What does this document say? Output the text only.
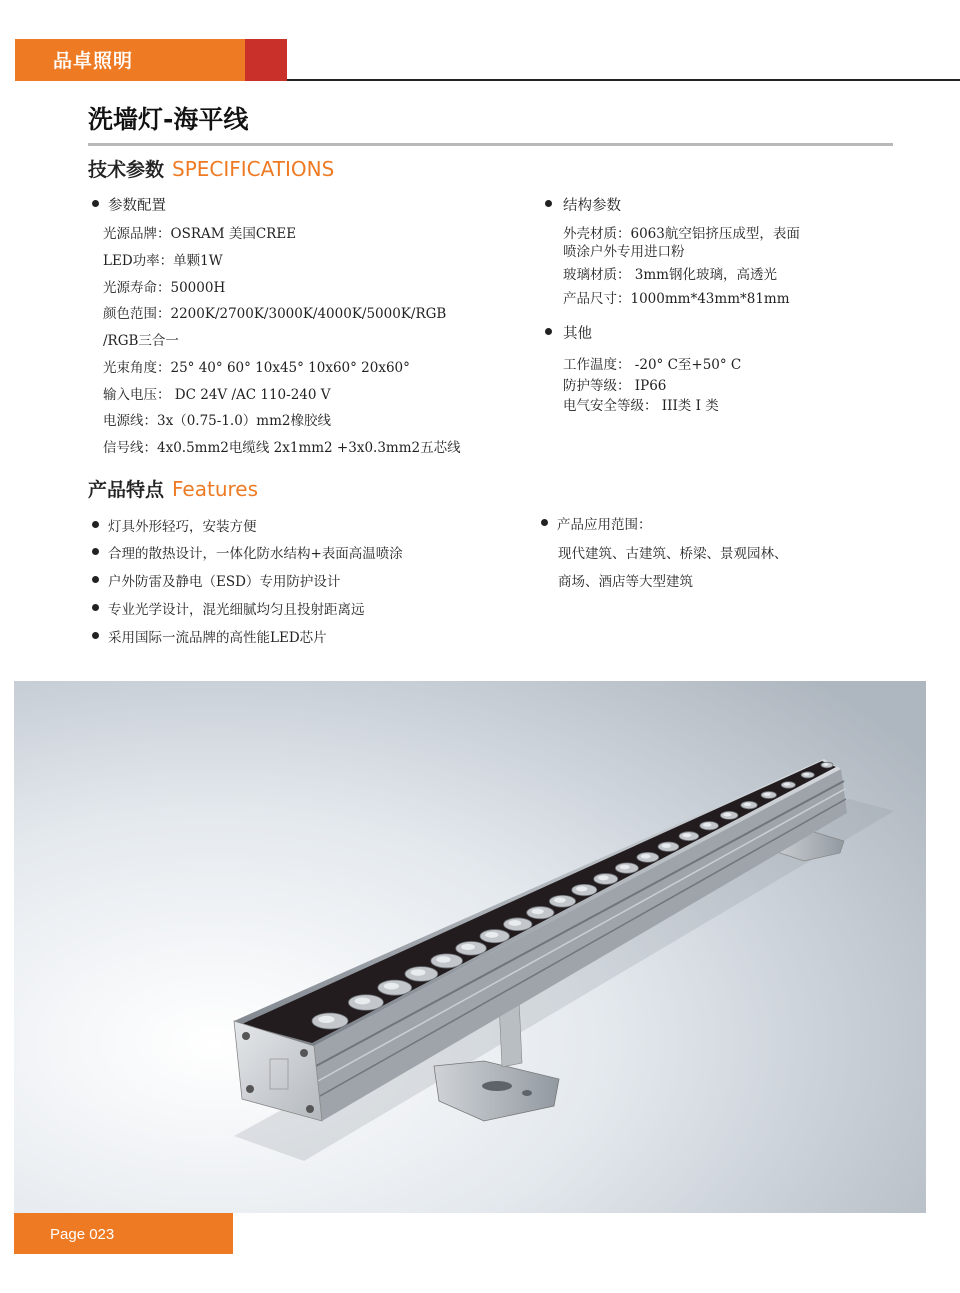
品卓照明
洗墙灯-海平线
技术参数 SPECIFICATIONS
参数配置
光源品牌：OSRAM 美国CREE
LED功率：单颗1W
光源寿命：50000H
颜色范围：2200K/2700K/3000K/4000K/5000K/RGB
/RGB三合一
光束角度：25° 40° 60° 10x45° 10x60° 20x60°
输入电压： DC 24V /AC 110-240 V
电源线：3x（0.75-1.0）mm2橡胶线
信号线：4x0.5mm2电缆线 2x1mm2 +3x0.3mm2五芯线
结构参数
外壳材质：6063航空铝挤压成型，表面
喷涂户外专用进口粉
玻璃材质： 3mm钢化玻璃，高透光
产品尺寸：1000mm*43mm*81mm
其他
工作温度： -20° C至+50° C
防护等级： IP66
电气安全等级： III类 I 类
产品特点 Features
灯具外形轻巧，安装方便
合理的散热设计，一体化防水结构+表面高温喷涂
户外防雷及静电（ESD）专用防护设计
专业光学设计，混光细腻均匀且投射距离远
采用国际一流品牌的高性能LED芯片
产品应用范围：
现代建筑、古建筑、桥梁、景观园林、
商场、酒店等大型建筑
Page 023
